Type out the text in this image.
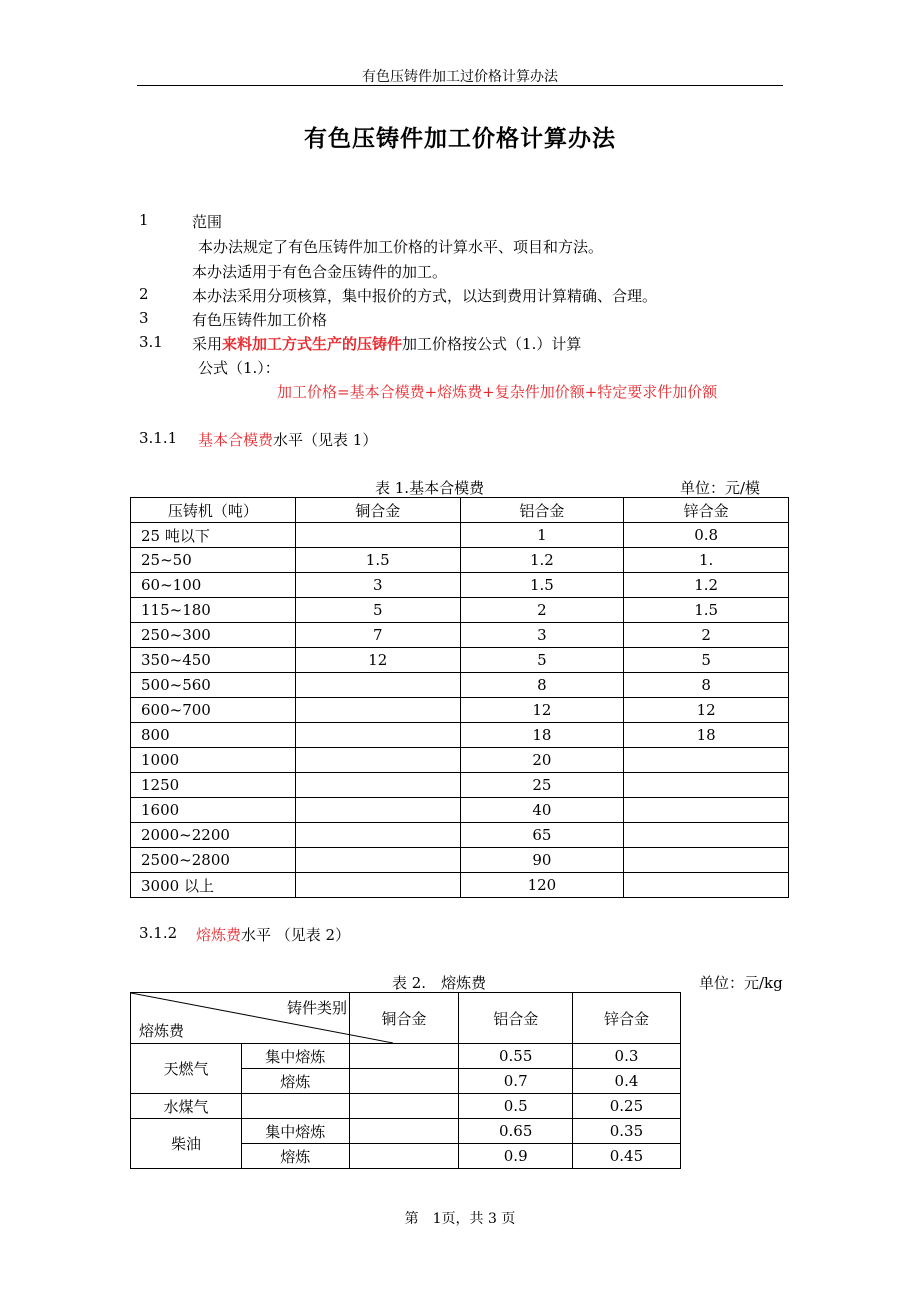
有色压铸件加工过价格计算办法
有色压铸件加工价格计算办法
1	范围
本办法规定了有色压铸件加工价格的计算水平、项目和方法。
本办法适用于有色合金压铸件的加工。
2	本办法采用分项核算，集中报价的方式，以达到费用计算精确、合理。
3	有色压铸件加工价格
3.1 采用来料加工方式生产的压铸件加工价格按公式（1.）计算
公式（1.）：
加工价格=基本合模费+熔炼费+复杂件加价额+特定要求件加价额
3.1.1 基本合模费水平（见表 1）
表 1.基本合模费	单位：元/模
压铸机（吨）	铜合金	铝合金	锌合金
25 吨以下		1	0.8
25~50	1.5	1.2	1.
60~100	3	1.5	1.2
115~180	5	2	1.5
250~300	7	3	2
350~450	12	5	5
500~560		8	8
600~700		12	12
800		18	18
1000		20	
1250		25	
1600		40	
2000~2200		65	
2500~2800		90	
3000 以上		120	
3.1.2 熔炼费水平 （见表 2）
表 2.　熔炼费	单位：元/kg
铸件类别
熔炼费		铜合金	铝合金	锌合金
天燃气	集中熔炼		0.55	0.3
	熔炼		0.7	0.4
水煤气			0.5	0.25
柴油	集中熔炼		0.65	0.35
	熔炼		0.9	0.45
第　1页，共 3 页
